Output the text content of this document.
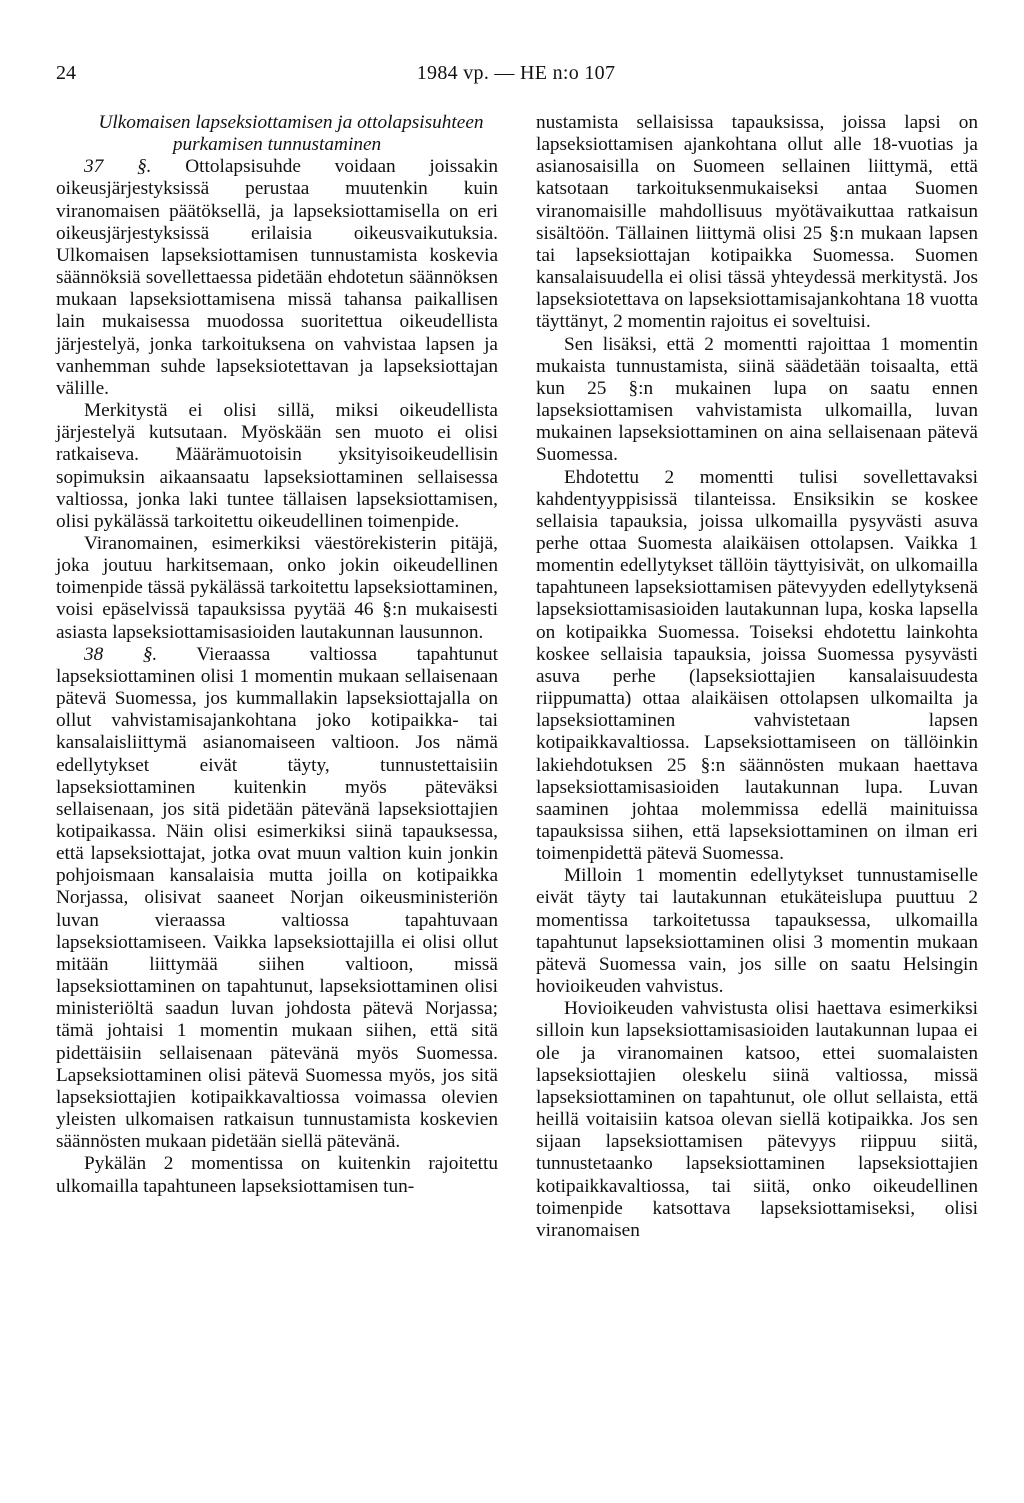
24	1984 vp. — HE n:o 107

Ulkomaisen lapseksiottamisen ja ottolapsisuhteen purkamisen tunnustaminen

37 §. Ottolapsisuhde voidaan joissakin oikeusjärjestyksissä perustaa muutenkin kuin viranomaisen päätöksellä, ja lapseksiottamisella on eri oikeusjärjestyksissä erilaisia oikeusvaikutuksia. Ulkomaisen lapseksiottamisen tunnustamista koskevia säännöksiä sovellettaessa pidetään ehdotetun säännöksen mukaan lapseksiottamisena missä tahansa paikallisen lain mukaisessa muodossa suoritettua oikeudellista järjestelyä, jonka tarkoituksena on vahvistaa lapsen ja vanhemman suhde lapseksiotettavan ja lapseksiottajan välille.

Merkitystä ei olisi sillä, miksi oikeudellista järjestelyä kutsutaan. Myöskään sen muoto ei olisi ratkaiseva. Määrämuotoisin yksityisoikeudellisin sopimuksin aikaansaatu lapseksiottaminen sellaisessa valtiossa, jonka laki tuntee tällaisen lapseksiottamisen, olisi pykälässä tarkoitettu oikeudellinen toimenpide.

Viranomainen, esimerkiksi väestörekisterin pitäjä, joka joutuu harkitsemaan, onko jokin oikeudellinen toimenpide tässä pykälässä tarkoitettu lapseksiottaminen, voisi epäselvissä tapauksissa pyytää 46 §:n mukaisesti asiasta lapseksiottamisasioiden lautakunnan lausunnon.

38 §. Vieraassa valtiossa tapahtunut lapseksiottaminen olisi 1 momentin mukaan sellaisenaan pätevä Suomessa, jos kummallakin lapseksiottajalla on ollut vahvistamisajankohtana joko kotipaikka- tai kansalaisliittymä asianomaiseen valtioon. Jos nämä edellytykset eivät täyty, tunnustettaisiin lapseksiottaminen kuitenkin myös päteväksi sellaisenaan, jos sitä pidetään pätevänä lapseksiottajien kotipaikassa. Näin olisi esimerkiksi siinä tapauksessa, että lapseksiottajat, jotka ovat muun valtion kuin jonkin pohjoismaan kansalaisia mutta joilla on kotipaikka Norjassa, olisivat saaneet Norjan oikeusministeriön luvan vieraassa valtiossa tapahtuvaan lapseksiottamiseen. Vaikka lapseksiottajilla ei olisi ollut mitään liittymää siihen valtioon, missä lapseksiottaminen on tapahtunut, lapseksiottaminen olisi ministeriöltä saadun luvan johdosta pätevä Norjassa; tämä johtaisi 1 momentin mukaan siihen, että sitä pidettäisiin sellaisenaan pätevänä myös Suomessa. Lapseksiottaminen olisi pätevä Suomessa myös, jos sitä lapseksiottajien kotipaikkavaltiossa voimassa olevien yleisten ulkomaisen ratkaisun tunnustamista koskevien säännösten mukaan pidetään siellä pätevänä.

Pykälän 2 momentissa on kuitenkin rajoitettu ulkomailla tapahtuneen lapseksiottamisen tun-

nustamista sellaisissa tapauksissa, joissa lapsi on lapseksiottamisen ajankohtana ollut alle 18-vuotias ja asianosaisilla on Suomeen sellainen liittymä, että katsotaan tarkoituksenmukaiseksi antaa Suomen viranomaisille mahdollisuus myötävaikuttaa ratkaisun sisältöön. Tällainen liittymä olisi 25 §:n mukaan lapsen tai lapseksiottajan kotipaikka Suomessa. Suomen kansalaisuudella ei olisi tässä yhteydessä merkitystä. Jos lapseksiotettava on lapseksiottamisajankohtana 18 vuotta täyttänyt, 2 momentin rajoitus ei soveltuisi.

Sen lisäksi, että 2 momentti rajoittaa 1 momentin mukaista tunnustamista, siinä säädetään toisaalta, että kun 25 §:n mukainen lupa on saatu ennen lapseksiottamisen vahvistamista ulkomailla, luvan mukainen lapseksiottaminen on aina sellaisenaan pätevä Suomessa.

Ehdotettu 2 momentti tulisi sovellettavaksi kahdentyyppisissä tilanteissa. Ensiksikin se koskee sellaisia tapauksia, joissa ulkomailla pysyvästi asuva perhe ottaa Suomesta alaikäisen ottolapsen. Vaikka 1 momentin edellytykset tällöin täyttyisivät, on ulkomailla tapahtuneen lapseksiottamisen pätevyyden edellytyksenä lapseksiottamisasioiden lautakunnan lupa, koska lapsella on kotipaikka Suomessa. Toiseksi ehdotettu lainkohta koskee sellaisia tapauksia, joissa Suomessa pysyvästi asuva perhe (lapseksiottajien kansalaisuudesta riippumatta) ottaa alaikäisen ottolapsen ulkomailta ja lapseksiottaminen vahvistetaan lapsen kotipaikkavaltiossa. Lapseksiottamiseen on tällöinkin lakiehdotuksen 25 §:n säännösten mukaan haettava lapseksiottamisasioiden lautakunnan lupa. Luvan saaminen johtaa molemmissa edellä mainituissa tapauksissa siihen, että lapseksiottaminen on ilman eri toimenpidettä pätevä Suomessa.

Milloin 1 momentin edellytykset tunnustamiselle eivät täyty tai lautakunnan etukäteislupa puuttuu 2 momentissa tarkoitetussa tapauksessa, ulkomailla tapahtunut lapseksiottaminen olisi 3 momentin mukaan pätevä Suomessa vain, jos sille on saatu Helsingin hovioikeuden vahvistus.

Hovioikeuden vahvistusta olisi haettava esimerkiksi silloin kun lapseksiottamisasioiden lautakunnan lupaa ei ole ja viranomainen katsoo, ettei suomalaisten lapseksiottajien oleskelu siinä valtiossa, missä lapseksiottaminen on tapahtunut, ole ollut sellaista, että heillä voitaisiin katsoa olevan siellä kotipaikka. Jos sen sijaan lapseksiottamisen pätevyys riippuu siitä, tunnustetaanko lapseksiottaminen lapseksiottajien kotipaikkavaltiossa, tai siitä, onko oikeudellinen toimenpide katsottava lapseksiottamiseksi, olisi viranomaisen
